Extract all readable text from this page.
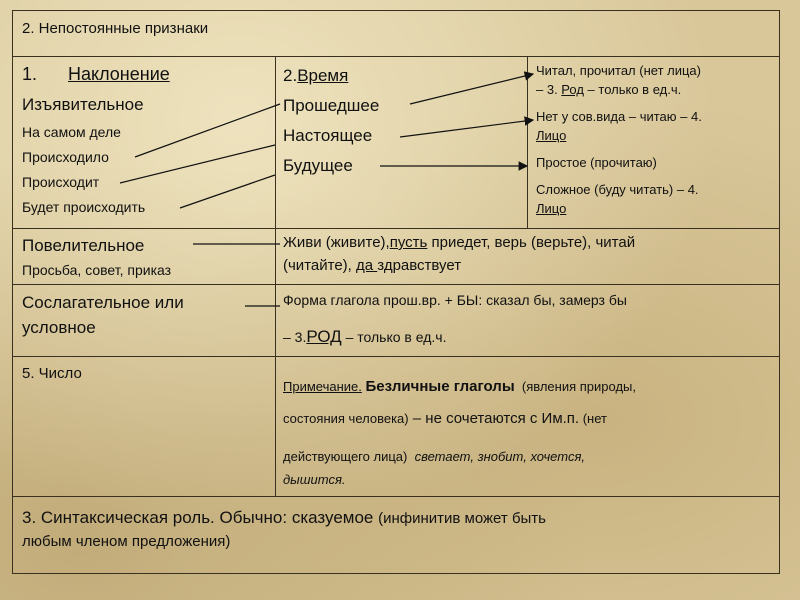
2. Непостоянные признаки
1. Наклонение
Изъявительное
На самом деле
Происходило
Происходит
Будет происходить
2.Время
Прошедшее
Настоящее
Будущее
Читал, прочитал (нет лица)
– 3. Род – только в ед.ч.
Нет у сов.вида – читаю – 4.
Лицо
Простое (прочитаю)
Сложное (буду читать) – 4.
Лицо
Повелительное
Просьба, совет, приказ
Живи (живите),пусть приедет, верь (верьте), читай
(читайте), да здравствует
Сослагательное или
условное
Форма глагола прош.вр. + БЫ: сказал бы, замерз бы
– 3.РОД – только в ед.ч.
5. Число
Примечание. Безличные глаголы (явления природы,
состояния человека) – не сочетаются с Им.п. (нет
действующего лица) светает, знобит, хочется,
дышится.
3. Синтаксическая роль. Обычно: сказуемое (инфинитив может быть
любым членом предложения)
